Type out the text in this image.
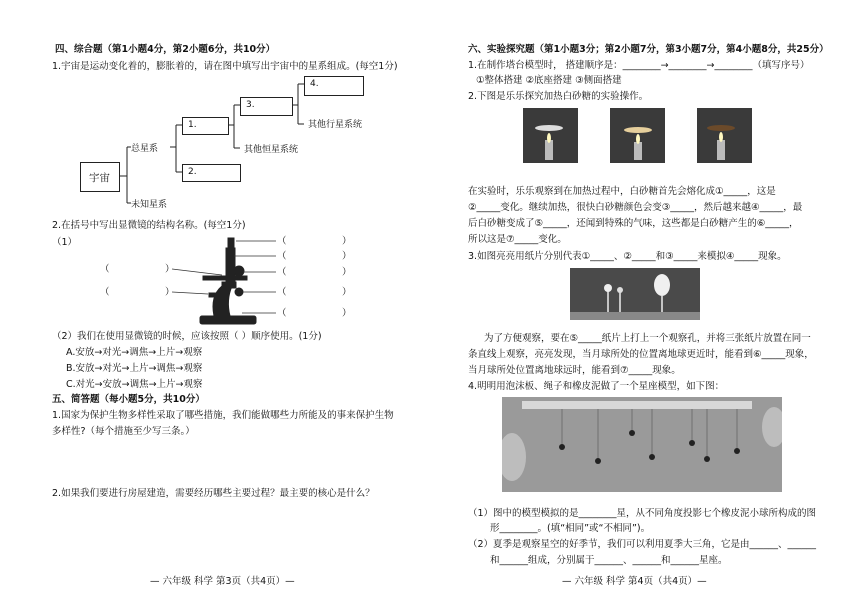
四、综合题（第1小题4分，第2小题6分，共10分）
1.宇宙是运动变化着的，膨胀着的，请在图中填写出宇宙中的星系组成。(每空1分)
宇宙
总星系
未知星系
1.
2.
3.
其他恒星系统
4.
其他行星系统
2.在括号中写出显微镜的结构名称。(每空1分)
（1）	（	）
（	）
（	）	（	）
（	）	（	）
（	）
（2）我们在使用显微镜的时候，应该按照（ ）顺序使用。(1分)
A.安放→对光→调焦→上片→观察
B.安放→对光→上片→调焦→观察
C.对光→安放→调焦→上片→观察
五、简答题（每小题5分，共10分）
1.国家为保护生物多样性采取了哪些措施，我们能做哪些力所能及的事来保护生物
多样性?（每个措施至少写三条。）
2.如果我们要进行房屋建造，需要经历哪些主要过程？最主要的核心是什么？
— 六年级 科学 第3页（共4页）—
六、实验探究题（第1小题3分；第2小题7分，第3小题7分，第4小题8分，共25分）
1.在制作塔台模型时， 搭建顺序是：________→________→________（填写序号）
①整体搭建 ②底座搭建 ③侧面搭建
2.下图是乐乐探究加热白砂糖的实验操作。
在实验时，乐乐观察到在加热过程中，白砂糖首先会熔化成①_____，这是
②_____变化。继续加热，很快白砂糖颜色会变③_____，然后越来越④_____，最
后白砂糖变成了⑤_____，还闻到特殊的气味，这些都是白砂糖产生的⑥_____，
所以这是⑦_____变化。
3.如图亮亮用纸片分别代表①_____、②_____和③_____来模拟④_____现象。
为了方便观察，要在⑤_____纸片上打上一个观察孔，并将三张纸片放置在同一
条直线上观察，亮亮发现，当月球所处的位置离地球更近时，能看到⑥_____现象，
当月球所处位置离地球远时，能看到⑦_____现象。
4.明明用泡沫板、绳子和橡皮泥做了一个星座模型，如下图：
（1）图中的模型模拟的是________星，从不同角度投影七个橡皮泥小球所构成的图
形________。(填“相同”或“不相同”)。
（2）夏季是观察星空的好季节，我们可以利用夏季大三角，它是由______、______
和______组成，分别属于______、______和______星座。
— 六年级 科学 第4页（共4页）—
